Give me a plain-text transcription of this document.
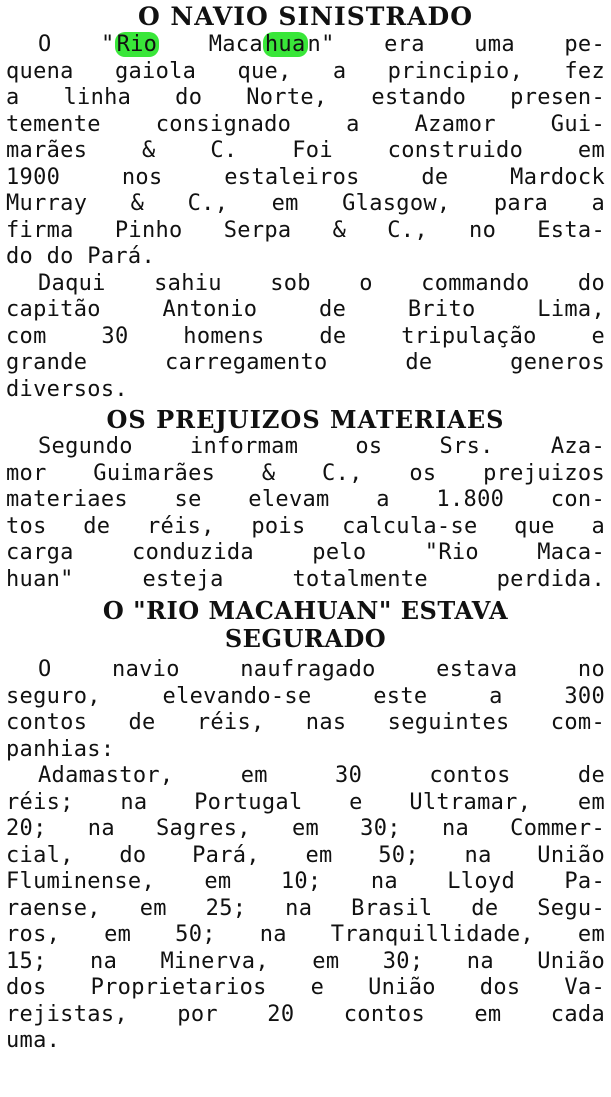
O NAVIO SINISTRADO
O "Rio Macahuan" era uma pe-
quena gaiola que, a principio, fez
a linha do Norte, estando presen-
temente consignado a Azamor Gui-
marães & C. Foi construido em
1900 nos estaleiros de Mardock
Murray & C., em Glasgow, para a
firma Pinho Serpa & C., no Esta-
do do Pará.
Daqui sahiu sob o commando do
capitão Antonio de Brito Lima,
com 30 homens de tripulação e
grande carregamento de generos
diversos.
OS PREJUIZOS MATERIAES
Segundo informam os Srs. Aza-
mor Guimarães & C., os prejuizos
materiaes se elevam a 1.800 con-
tos de réis, pois calcula-se que a
carga conduzida pelo "Rio Maca-
huan" esteja totalmente perdida.
O "RIO MACAHUAN" ESTAVA
SEGURADO
O navio naufragado estava no
seguro, elevando-se este a 300
contos de réis, nas seguintes com-
panhias:
Adamastor, em 30 contos de
réis; na Portugal e Ultramar, em
20; na Sagres, em 30; na Commer-
cial, do Pará, em 50; na União
Fluminense, em 10; na Lloyd Pa-
raense, em 25; na Brasil de Segu-
ros, em 50; na Tranquillidade, em
15; na Minerva, em 30; na União
dos Proprietarios e União dos Va-
rejistas, por 20 contos em cada
uma.
